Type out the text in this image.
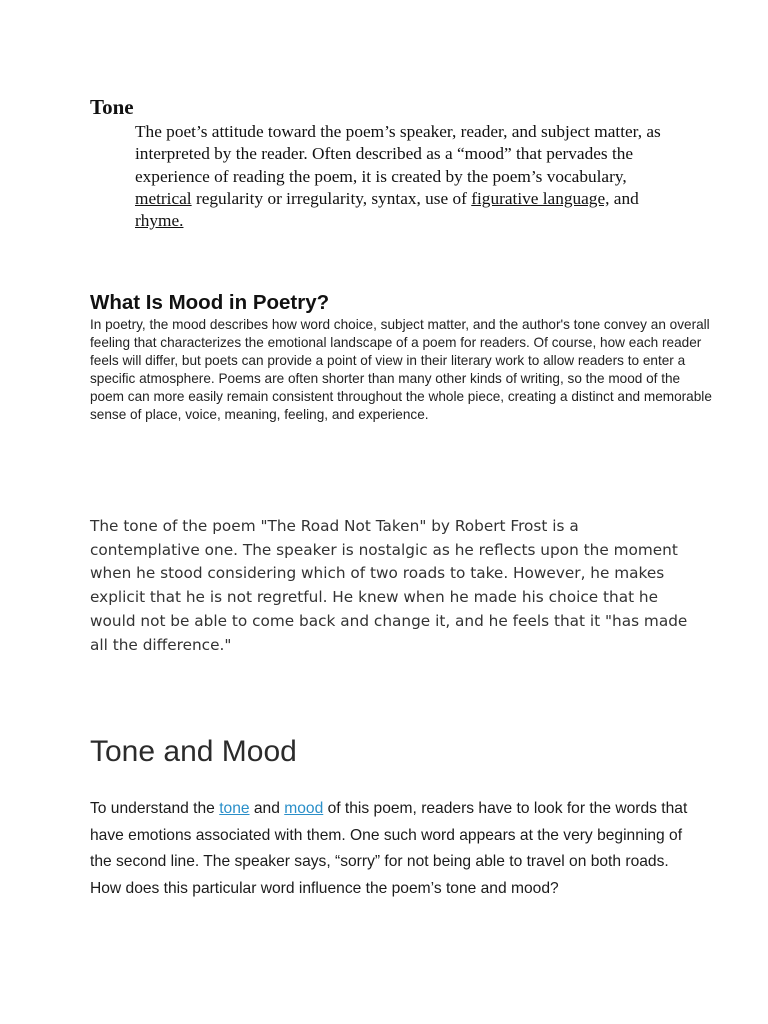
Tone

The poet’s attitude toward the poem’s speaker, reader, and subject matter, as interpreted by the reader. Often described as a “mood” that pervades the experience of reading the poem, it is created by the poem’s vocabulary, metrical regularity or irregularity, syntax, use of figurative language, and rhyme.

What Is Mood in Poetry?

In poetry, the mood describes how word choice, subject matter, and the author's tone convey an overall feeling that characterizes the emotional landscape of a poem for readers. Of course, how each reader feels will differ, but poets can provide a point of view in their literary work to allow readers to enter a specific atmosphere. Poems are often shorter than many other kinds of writing, so the mood of the poem can more easily remain consistent throughout the whole piece, creating a distinct and memorable sense of place, voice, meaning, feeling, and experience.

The tone of the poem "The Road Not Taken" by Robert Frost is a contemplative one. The speaker is nostalgic as he reflects upon the moment when he stood considering which of two roads to take. However, he makes explicit that he is not regretful. He knew when he made his choice that he would not be able to come back and change it, and he feels that it "has made all the difference."

Tone and Mood

To understand the tone and mood of this poem, readers have to look for the words that have emotions associated with them. One such word appears at the very beginning of the second line. The speaker says, “sorry” for not being able to travel on both roads. How does this particular word influence the poem’s tone and mood?
